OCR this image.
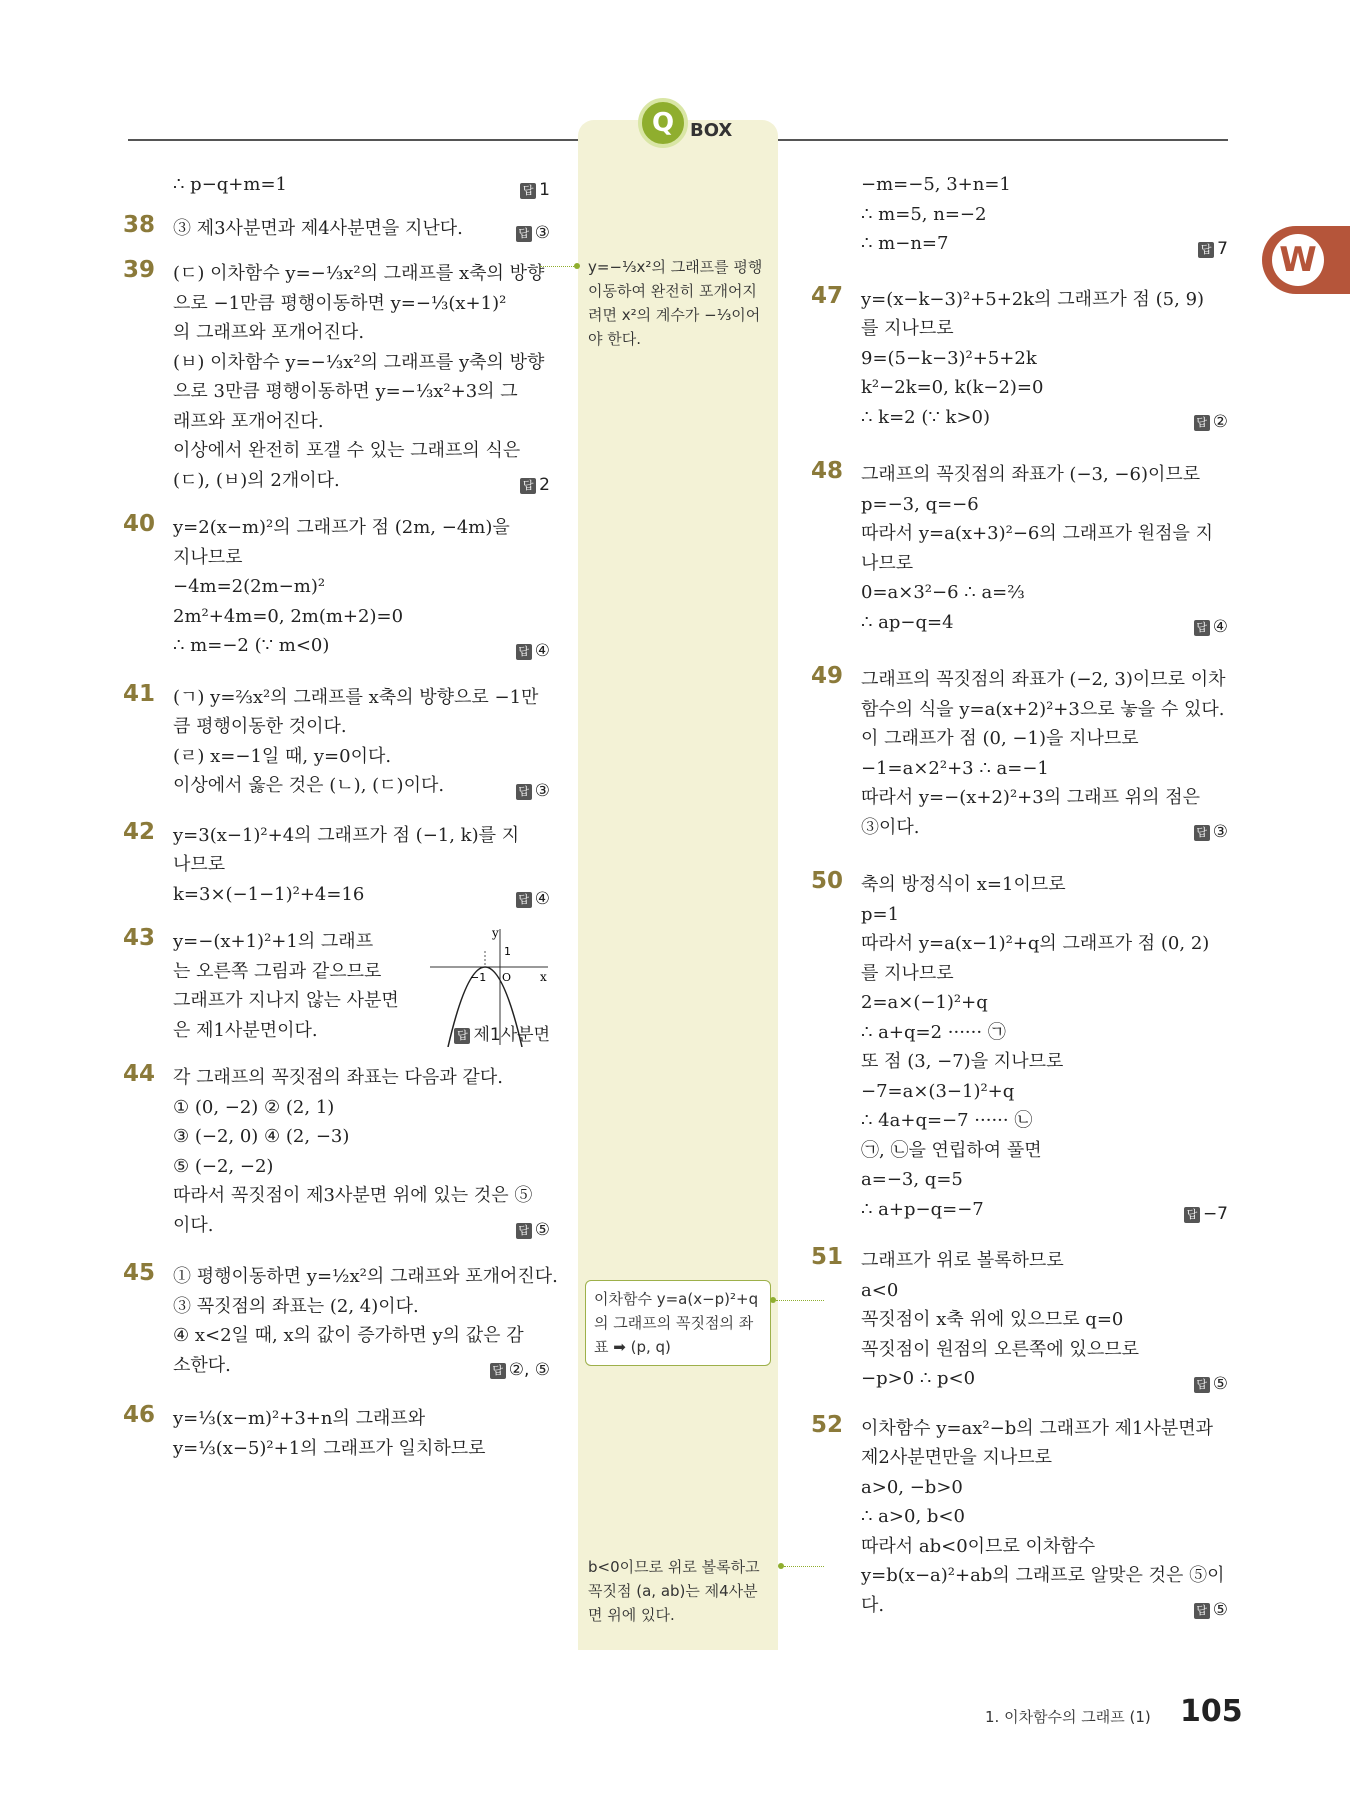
Q BOX
W
∴ p−q+m=1	답 1
38 ③ 제3사분면과 제4사분면을 지난다.	답 ③
39 (ㄷ) 이차함수 y=−⅓x²의 그래프를 x축의 방향
으로 −1만큼 평행이동하면 y=−⅓(x+1)²
의 그래프와 포개어진다.
(ㅂ) 이차함수 y=−⅓x²의 그래프를 y축의 방향
으로 3만큼 평행이동하면 y=−⅓x²+3의 그
래프와 포개어진다.
이상에서 완전히 포갤 수 있는 그래프의 식은
(ㄷ), (ㅂ)의 2개이다.	답 2
40 y=2(x−m)²의 그래프가 점 (2m, −4m)을
지나므로
−4m=2(2m−m)²
2m²+4m=0, 2m(m+2)=0
∴ m=−2 (∵ m<0)	답 ④
41 (ㄱ) y=⅔x²의 그래프를 x축의 방향으로 −1만
큼 평행이동한 것이다.
(ㄹ) x=−1일 때, y=0이다.
이상에서 옳은 것은 (ㄴ), (ㄷ)이다.	답 ③
42 y=3(x−1)²+4의 그래프가 점 (−1, k)를 지
나므로
k=3×(−1−1)²+4=16	답 ④
43 y=−(x+1)²+1의 그래프
는 오른쪽 그림과 같으므로
그래프가 지나지 않는 사분면
은 제1사분면이다.	답 제1사분면
y
x
1
−1 O
44 각 그래프의 꼭짓점의 좌표는 다음과 같다.
① (0, −2) ② (2, 1)
③ (−2, 0) ④ (2, −3)
⑤ (−2, −2)
따라서 꼭짓점이 제3사분면 위에 있는 것은 ⑤
이다.	답 ⑤
45 ① 평행이동하면 y=½x²의 그래프와 포개어진다.
③ 꼭짓점의 좌표는 (2, 4)이다.
④ x<2일 때, x의 값이 증가하면 y의 값은 감
소한다.	답 ②, ⑤
46 y=⅓(x−m)²+3+n의 그래프와
y=⅓(x−5)²+1의 그래프가 일치하므로
−m=−5, 3+n=1
∴ m=5, n=−2
∴ m−n=7	답 7
47 y=(x−k−3)²+5+2k의 그래프가 점 (5, 9)
를 지나므로
9=(5−k−3)²+5+2k
k²−2k=0, k(k−2)=0
∴ k=2 (∵ k>0)	답 ②
48 그래프의 꼭짓점의 좌표가 (−3, −6)이므로
p=−3, q=−6
따라서 y=a(x+3)²−6의 그래프가 원점을 지
나므로
0=a×3²−6 ∴ a=⅔
∴ ap−q=4	답 ④
49 그래프의 꼭짓점의 좌표가 (−2, 3)이므로 이차
함수의 식을 y=a(x+2)²+3으로 놓을 수 있다.
이 그래프가 점 (0, −1)을 지나므로
−1=a×2²+3 ∴ a=−1
따라서 y=−(x+2)²+3의 그래프 위의 점은
③이다.	답 ③
50 축의 방정식이 x=1이므로
p=1
따라서 y=a(x−1)²+q의 그래프가 점 (0, 2)
를 지나므로
2=a×(−1)²+q
∴ a+q=2 ······ ㉠
또 점 (3, −7)을 지나므로
−7=a×(3−1)²+q
∴ 4a+q=−7 ······ ㉡
㉠, ㉡을 연립하여 풀면
a=−3, q=5
∴ a+p−q=−7	답 −7
51 그래프가 위로 볼록하므로
a<0
꼭짓점이 x축 위에 있으므로 q=0
꼭짓점이 원점의 오른쪽에 있으므로
−p>0 ∴ p<0	답 ⑤
52 이차함수 y=ax²−b의 그래프가 제1사분면과
제2사분면만을 지나므로
a>0, −b>0
∴ a>0, b<0
따라서 ab<0이므로 이차함수
y=b(x−a)²+ab의 그래프로 알맞은 것은 ⑤이
다.	답 ⑤
y=−⅓x²의 그래프를 평행 이동하여 완전히 포개어지려면 x²의 계수가 −⅓이어야 한다.
이차함수 y=a(x−p)²+q의 그래프의 꼭짓점의 좌표 ➡ (p, q)
b<0이므로 위로 볼록하고 꼭짓점 (a, ab)는 제4사분면 위에 있다.
1. 이차함수의 그래프 (1) 105
